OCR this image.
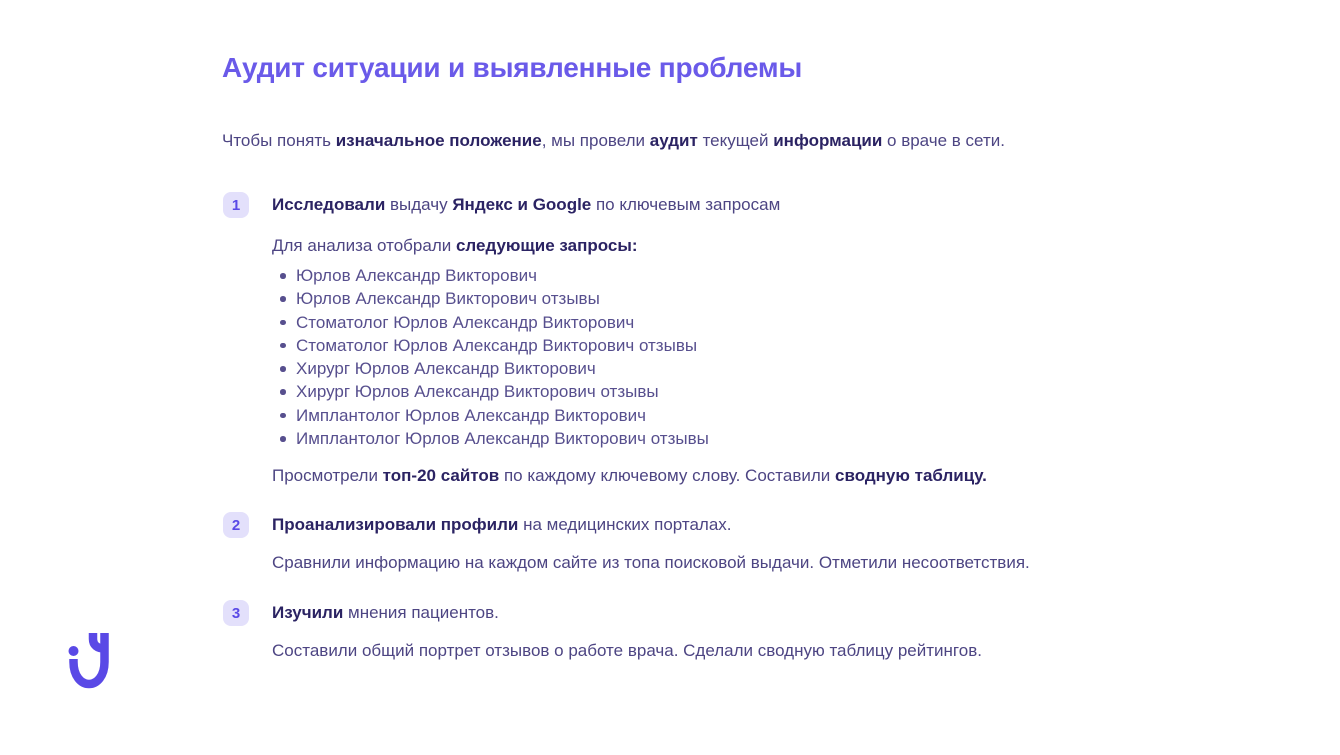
Аудит ситуации и выявленные проблемы

Чтобы понять изначальное положение, мы провели аудит текущей информации о враче в сети.

1	Исследовали выдачу Яндекс и Google по ключевым запросам

Для анализа отобрали следующие запросы:

Юрлов Александр Викторович
Юрлов Александр Викторович отзывы
Стоматолог Юрлов Александр Викторович
Стоматолог Юрлов Александр Викторович отзывы
Хирург Юрлов Александр Викторович
Хирург Юрлов Александр Викторович отзывы
Имплантолог Юрлов Александр Викторович
Имплантолог Юрлов Александр Викторович отзывы

Просмотрели топ-20 сайтов по каждому ключевому слову. Составили сводную таблицу.

2	Проанализировали профили на медицинских порталах.

Сравнили информацию на каждом сайте из топа поисковой выдачи. Отметили несоответствия.

3	Изучили мнения пациентов.

Составили общий портрет отзывов о работе врача. Сделали сводную таблицу рейтингов.
